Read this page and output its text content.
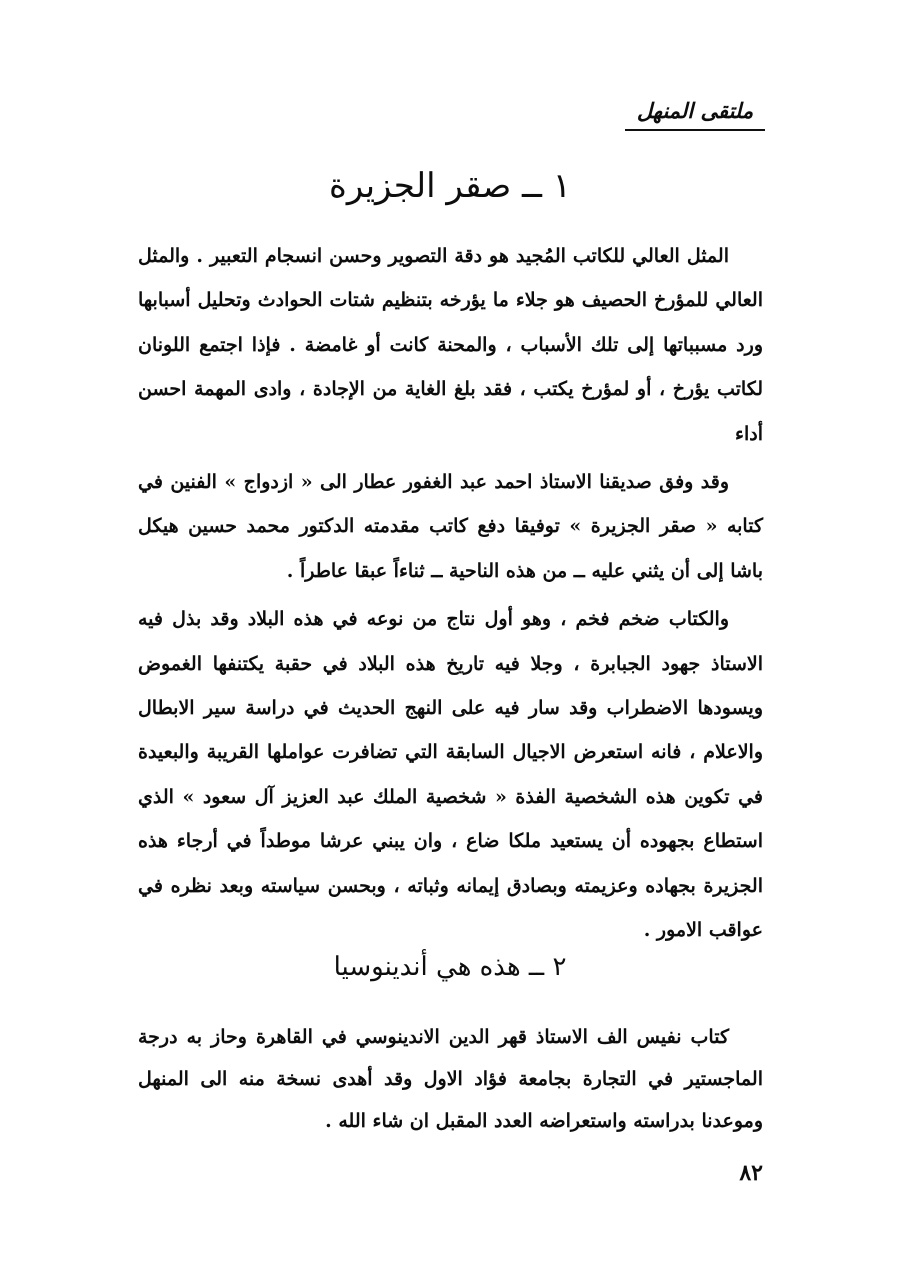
ملتقى المنهل
١ ــ صقر الجزيرة

المثل العالي للكاتب المُجيد هو دقة التصوير وحسن انسجام التعبير . والمثل العالي للمؤرخ الحصيف هو جلاء ما يؤرخه بتنظيم شتات الحوادث وتحليل أسبابها ورد مسبباتها إلى تلك الأسباب ، والمحنة كانت أو غامضة . فإذا اجتمع اللونان لكاتب يؤرخ ، أو لمؤرخ يكتب ، فقد بلغ الغاية من الإجادة ، وادى المهمة احسن أداء

وقد وفق صديقنا الاستاذ احمد عبد الغفور عطار الى « ازدواج » الفنين في كتابه « صقر الجزيرة » توفيقا دفع كاتب مقدمته الدكتور محمد حسين هيكل باشا إلى أن يثني عليه ــ من هذه الناحية ــ ثناءاً عبقا عاطراً .

والكتاب ضخم فخم ، وهو أول نتاج من نوعه في هذه البلاد وقد بذل فيه الاستاذ جهود الجبابرة ، وجلا فيه تاريخ هذه البلاد في حقبة يكتنفها الغموض ويسودها الاضطراب وقد سار فيه على النهج الحديث في دراسة سير الابطال والاعلام ، فانه استعرض الاجيال السابقة التي تضافرت عواملها القريبة والبعيدة في تكوين هذه الشخصية الفذة « شخصية الملك عبد العزيز آل سعود » الذي استطاع بجهوده أن يستعيد ملكا ضاع ، وان يبني عرشا موطداً في أرجاء هذه الجزيرة بجهاده وعزيمته وبصادق إيمانه وثباته ، وبحسن سياسته وبعد نظره في عواقب الامور .

٢ ــ هذه هي أندينوسيا

كتاب نفيس الف الاستاذ قهر الدين الاندينوسي في القاهرة وحاز به درجة الماجستير في التجارة بجامعة فؤاد الاول وقد أهدى نسخة منه الى المنهل وموعدنا بدراسته واستعراضه العدد المقبل ان شاء الله .

٨٢
